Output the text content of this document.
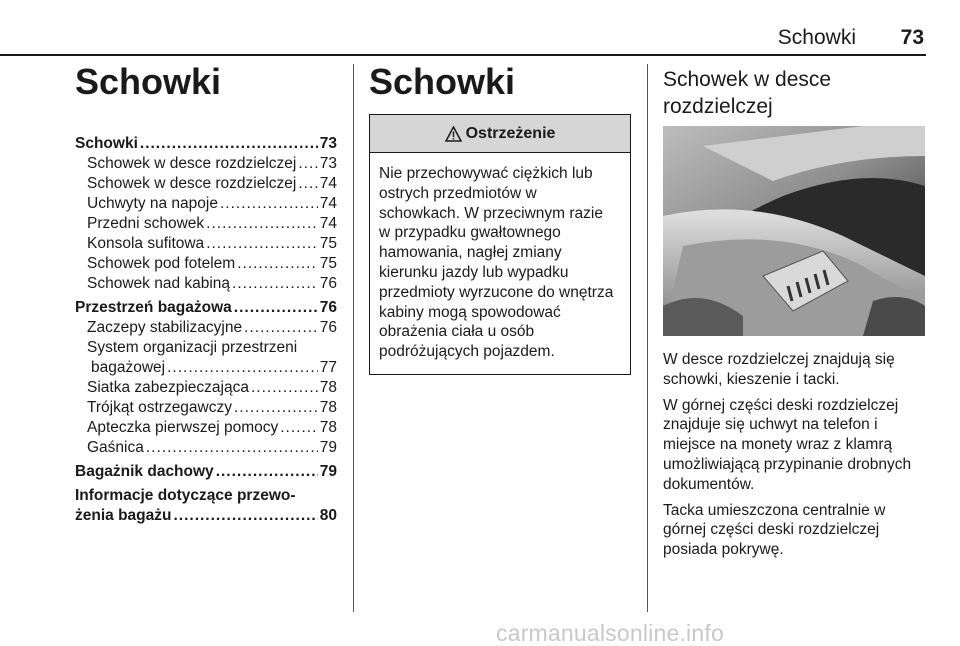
Schowki 73
Schowki
Schowki .....	73
Schowek w desce rozdzielczej ..... 73
Schowek w desce rozdzielczej ..... 74
Uchwyty na napoje .....	74
Przedni schowek .....	74
Konsola sufitowa .....	75
Schowek pod fotelem .....	75
Schowek nad kabiną .....	76
Przestrzeń bagażowa .....	76
Zaczepy stabilizacyjne .....	76
System organizacji przestrzeni
bagażowej .....	77
Siatka zabezpieczająca .....	78
Trójkąt ostrzegawczy .....	78
Apteczka pierwszej pomocy .....	78
Gaśnica .....	79
Bagażnik dachowy .....	79
Informacje dotyczące przewo-
żenia bagażu .....	80
Schowki
Ostrzeżenie
Nie przechowywać ciężkich lub
ostrych przedmiotów w
schowkach. W przeciwnym razie
w przypadku gwałtownego
hamowania, nagłej zmiany
kierunku jazdy lub wypadku
przedmioty wyrzucone do wnętrza
kabiny mogą spowodować
obrażenia ciała u osób
podróżujących pojazdem.
Schowek w desce
rozdzielczej
W desce rozdzielczej znajdują się
schowki, kieszenie i tacki.
W górnej części deski rozdzielczej
znajduje się uchwyt na telefon i
miejsce na monety wraz z klamrą
umożliwiającą przypinanie drobnych
dokumentów.
Tacka umieszczona centralnie w
górnej części deski rozdzielczej
posiada pokrywę.
carmanualsonline.info
